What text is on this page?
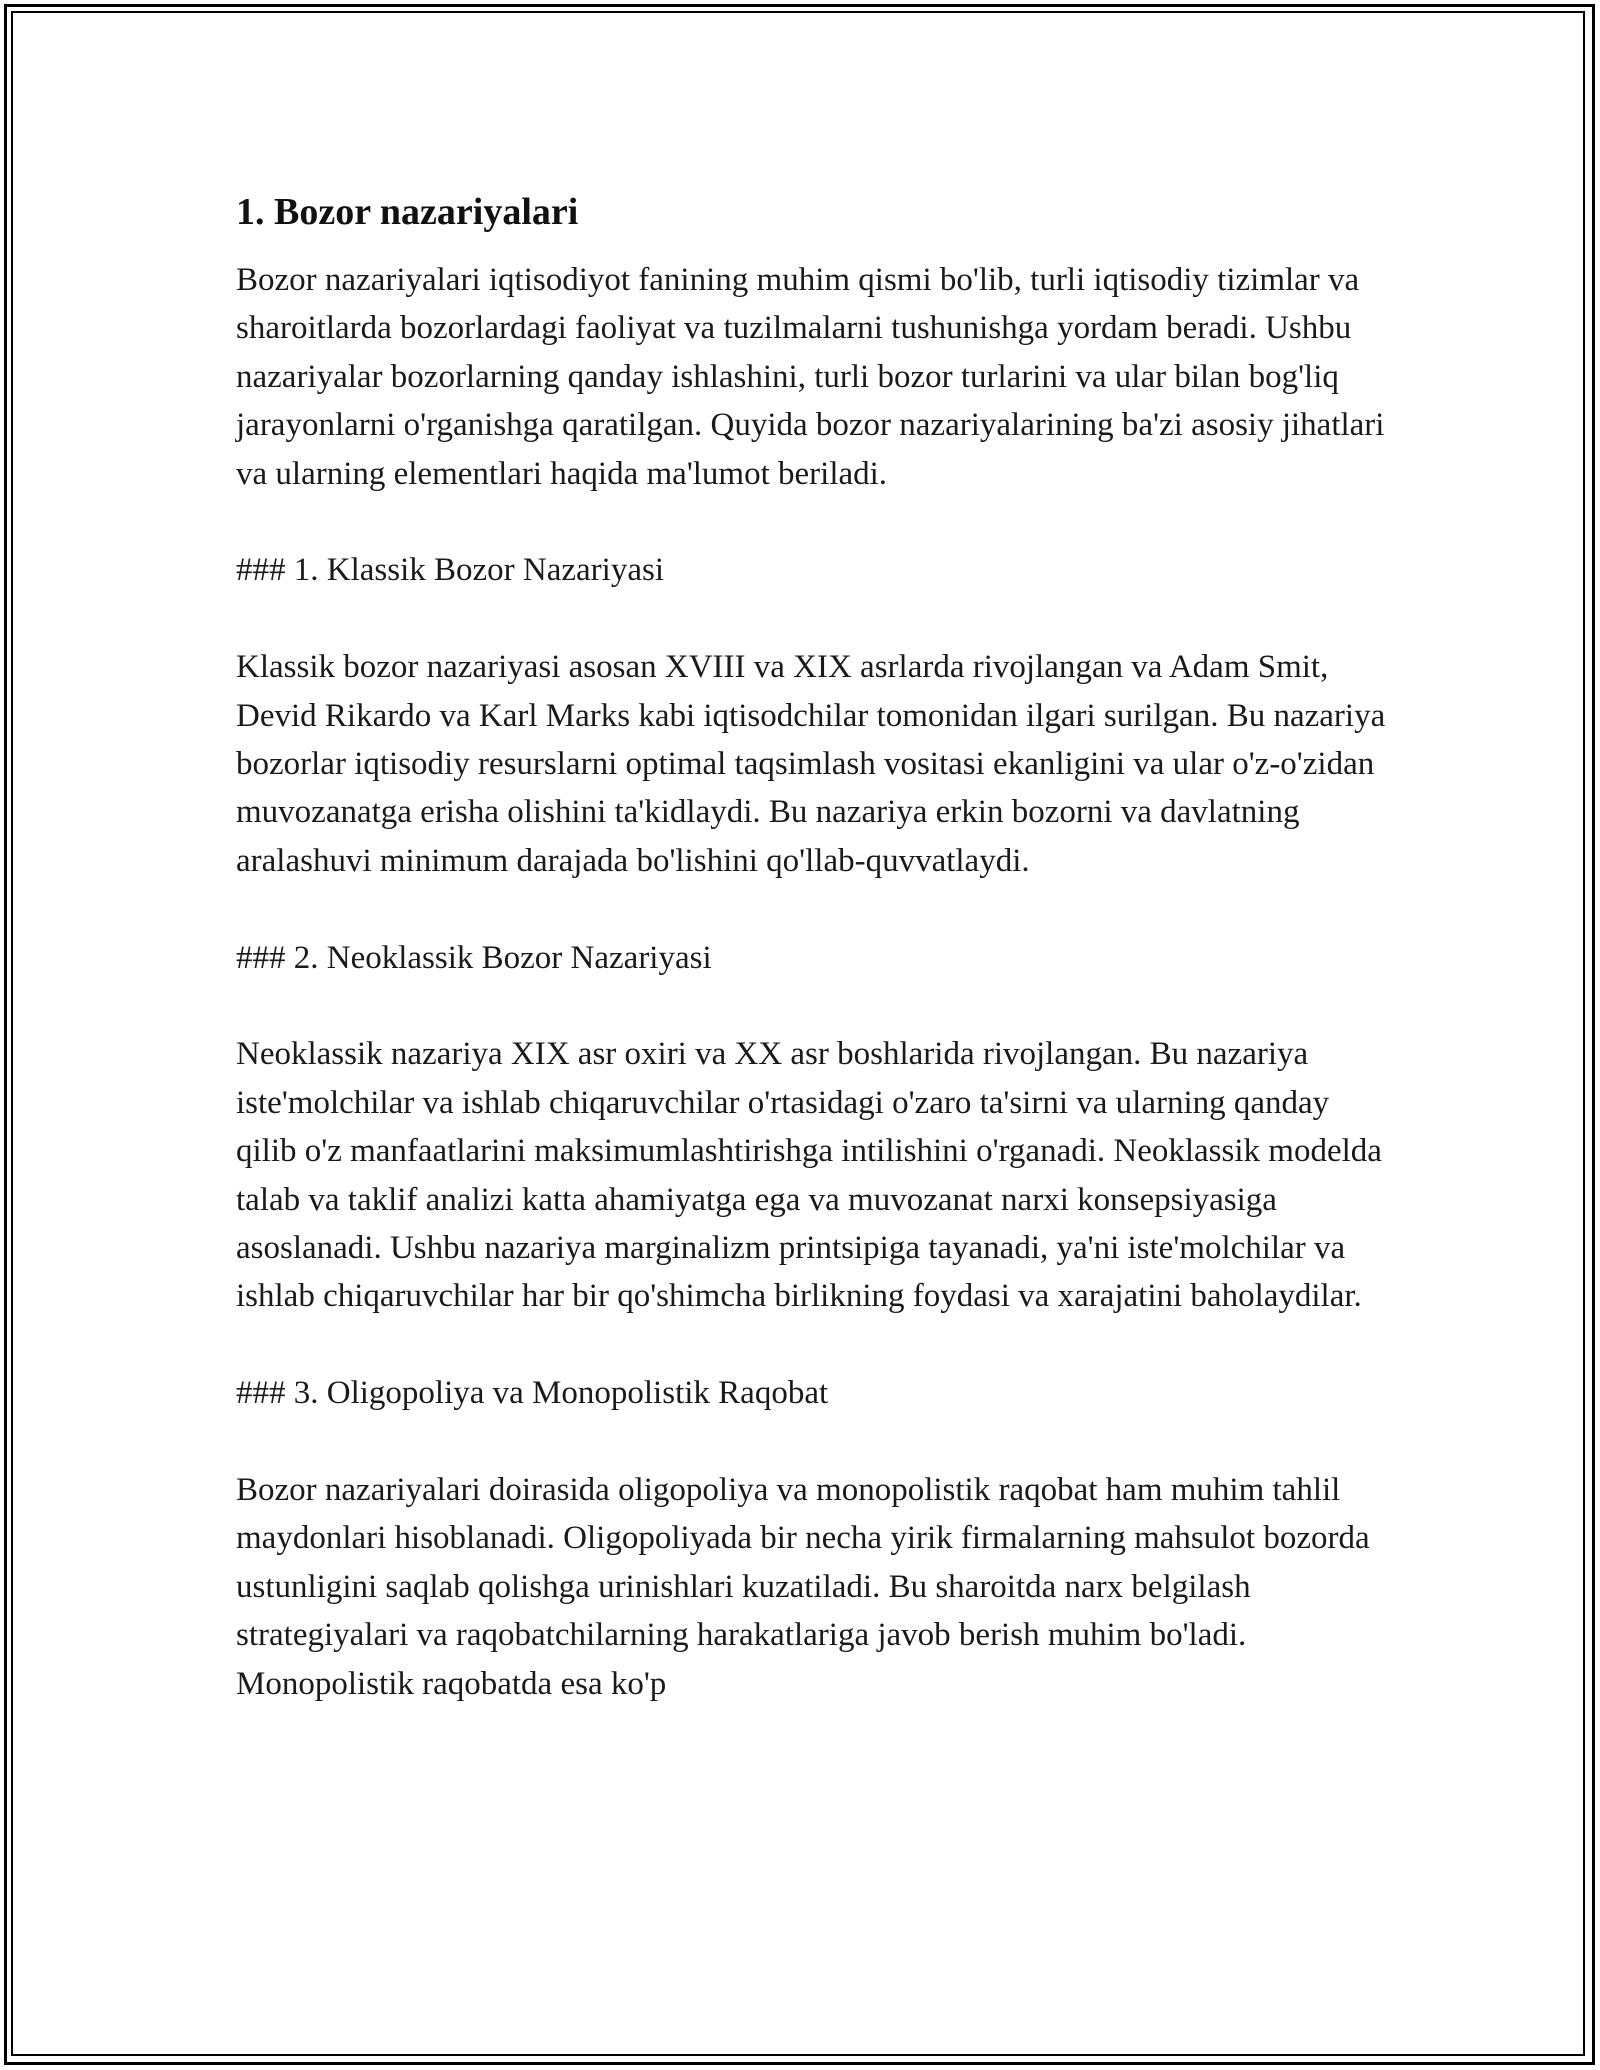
1. Bozor nazariyalari

Bozor nazariyalari iqtisodiyot fanining muhim qismi bo'lib, turli iqtisodiy tizimlar va sharoitlarda bozorlardagi faoliyat va tuzilmalarni tushunishga yordam beradi. Ushbu nazariyalar bozorlarning qanday ishlashini, turli bozor turlarini va ular bilan bog'liq jarayonlarni o'rganishga qaratilgan. Quyida bozor nazariyalarining ba'zi asosiy jihatlari va ularning elementlari haqida ma'lumot beriladi.

### 1. Klassik Bozor Nazariyasi

Klassik bozor nazariyasi asosan XVIII va XIX asrlarda rivojlangan va Adam Smit, Devid Rikardo va Karl Marks kabi iqtisodchilar tomonidan ilgari surilgan. Bu nazariya bozorlar iqtisodiy resurslarni optimal taqsimlash vositasi ekanligini va ular o'z-o'zidan muvozanatga erisha olishini ta'kidlaydi. Bu nazariya erkin bozorni va davlatning aralashuvi minimum darajada bo'lishini qo'llab-quvvatlaydi.

### 2. Neoklassik Bozor Nazariyasi

Neoklassik nazariya XIX asr oxiri va XX asr boshlarida rivojlangan. Bu nazariya iste'molchilar va ishlab chiqaruvchilar o'rtasidagi o'zaro ta'sirni va ularning qanday qilib o'z manfaatlarini maksimumlashtirishga intilishini o'rganadi. Neoklassik modelda talab va taklif analizi katta ahamiyatga ega va muvozanat narxi konsepsiyasiga asoslanadi. Ushbu nazariya marginalizm printsipiga tayanadi, ya'ni iste'molchilar va ishlab chiqaruvchilar har bir qo'shimcha birlikning foydasi va xarajatini baholaydilar.

### 3. Oligopoliya va Monopolistik Raqobat

Bozor nazariyalari doirasida oligopoliya va monopolistik raqobat ham muhim tahlil maydonlari hisoblanadi. Oligopoliyada bir necha yirik firmalarning mahsulot bozorda ustunligini saqlab qolishga urinishlari kuzatiladi. Bu sharoitda narx belgilash strategiyalari va raqobatchilarning harakatlariga javob berish muhim bo'ladi. Monopolistik raqobatda esa ko'p
